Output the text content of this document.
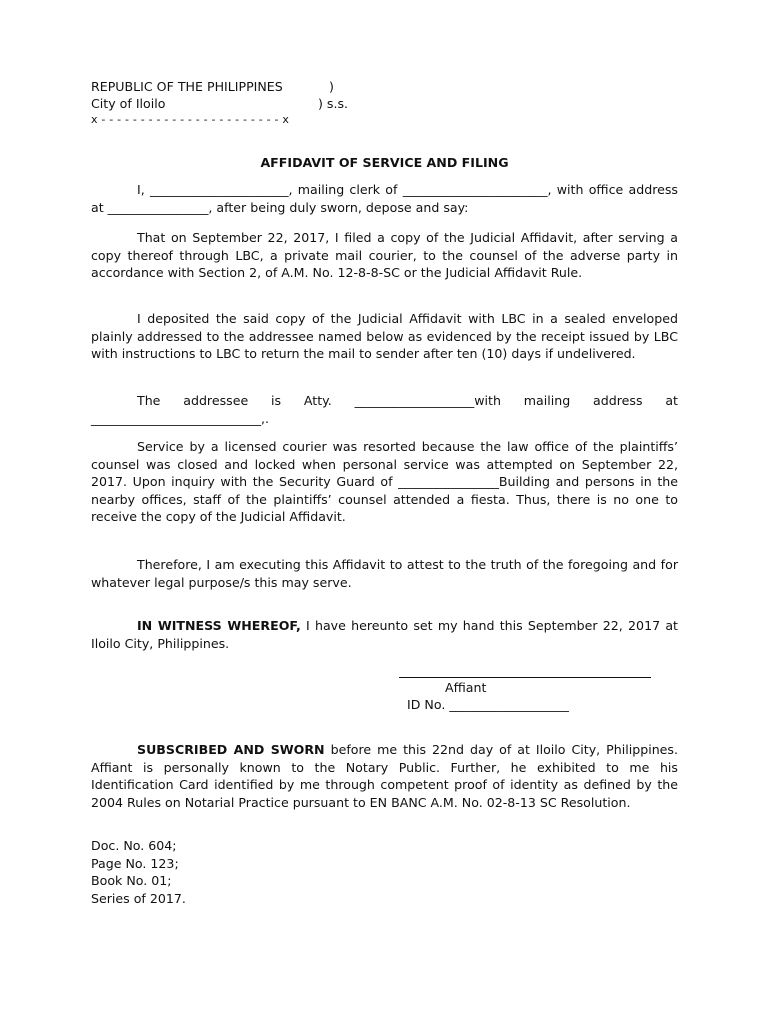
REPUBLIC OF THE PHILIPPINES	)
City of Iloilo	) s.s.
x - - - - - - - - - - - - - - - - - - - - - - - x
AFFIDAVIT OF SERVICE AND FILING
I, ______________________, mailing clerk of _______________________, with office address at ________________, after being duly sworn, depose and say:
That on September 22, 2017, I filed a copy of the Judicial Affidavit, after serving a copy thereof through LBC, a private mail courier, to the counsel of the adverse party in accordance with Section 2, of A.M. No. 12-8-8-SC or the Judicial Affidavit Rule.
I deposited the said copy of the Judicial Affidavit with LBC in a sealed enveloped plainly addressed to the addressee named below as evidenced by the receipt issued by LBC with instructions to LBC to return the mail to sender after ten (10) days if undelivered.
The addressee is Atty. ___________________with mailing address at ___________________________,.
Service by a licensed courier was resorted because the law office of the plaintiffs’ counsel was closed and locked when personal service was attempted on September 22, 2017. Upon inquiry with the Security Guard of ________________Building and persons in the nearby offices, staff of the plaintiffs’ counsel attended a fiesta. Thus, there is no one to receive the copy of the Judicial Affidavit.
Therefore, I am executing this Affidavit to attest to the truth of the foregoing and for whatever legal purpose/s this may serve.
IN WITNESS WHEREOF, I have hereunto set my hand this September 22, 2017 at Iloilo City, Philippines.
Affiant
ID No. ___________________
SUBSCRIBED AND SWORN before me this 22nd day of at Iloilo City, Philippines. Affiant is personally known to the Notary Public. Further, he exhibited to me his Identification Card identified by me through competent proof of identity as defined by the 2004 Rules on Notarial Practice pursuant to EN BANC A.M. No. 02-8-13 SC Resolution.
Doc. No. 604;
Page No. 123;
Book No. 01;
Series of 2017.
